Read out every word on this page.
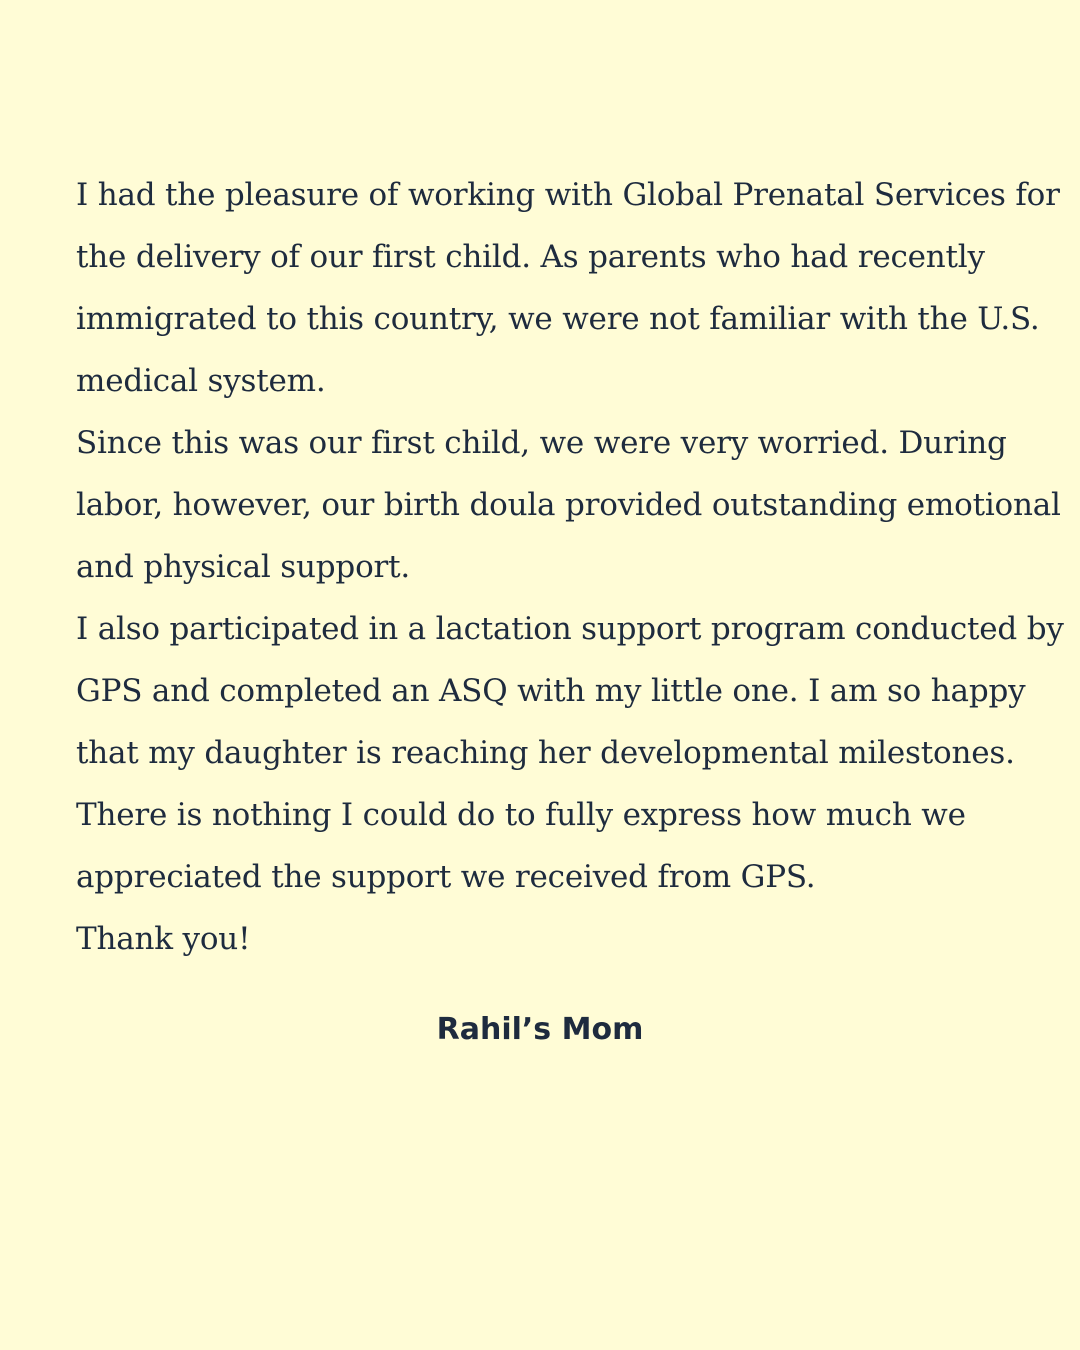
I had the pleasure of working with Global Prenatal Services for the delivery of our first child. As parents who had recently immigrated to this country, we were not familiar with the U.S. medical system.

Since this was our first child, we were very worried. During labor, however, our birth doula provided outstanding emotional and physical support.

I also participated in a lactation support program conducted by GPS and completed an ASQ with my little one. I am so happy that my daughter is reaching her developmental milestones.

There is nothing I could do to fully express how much we appreciated the support we received from GPS.

Thank you!

Rahil’s Mom
